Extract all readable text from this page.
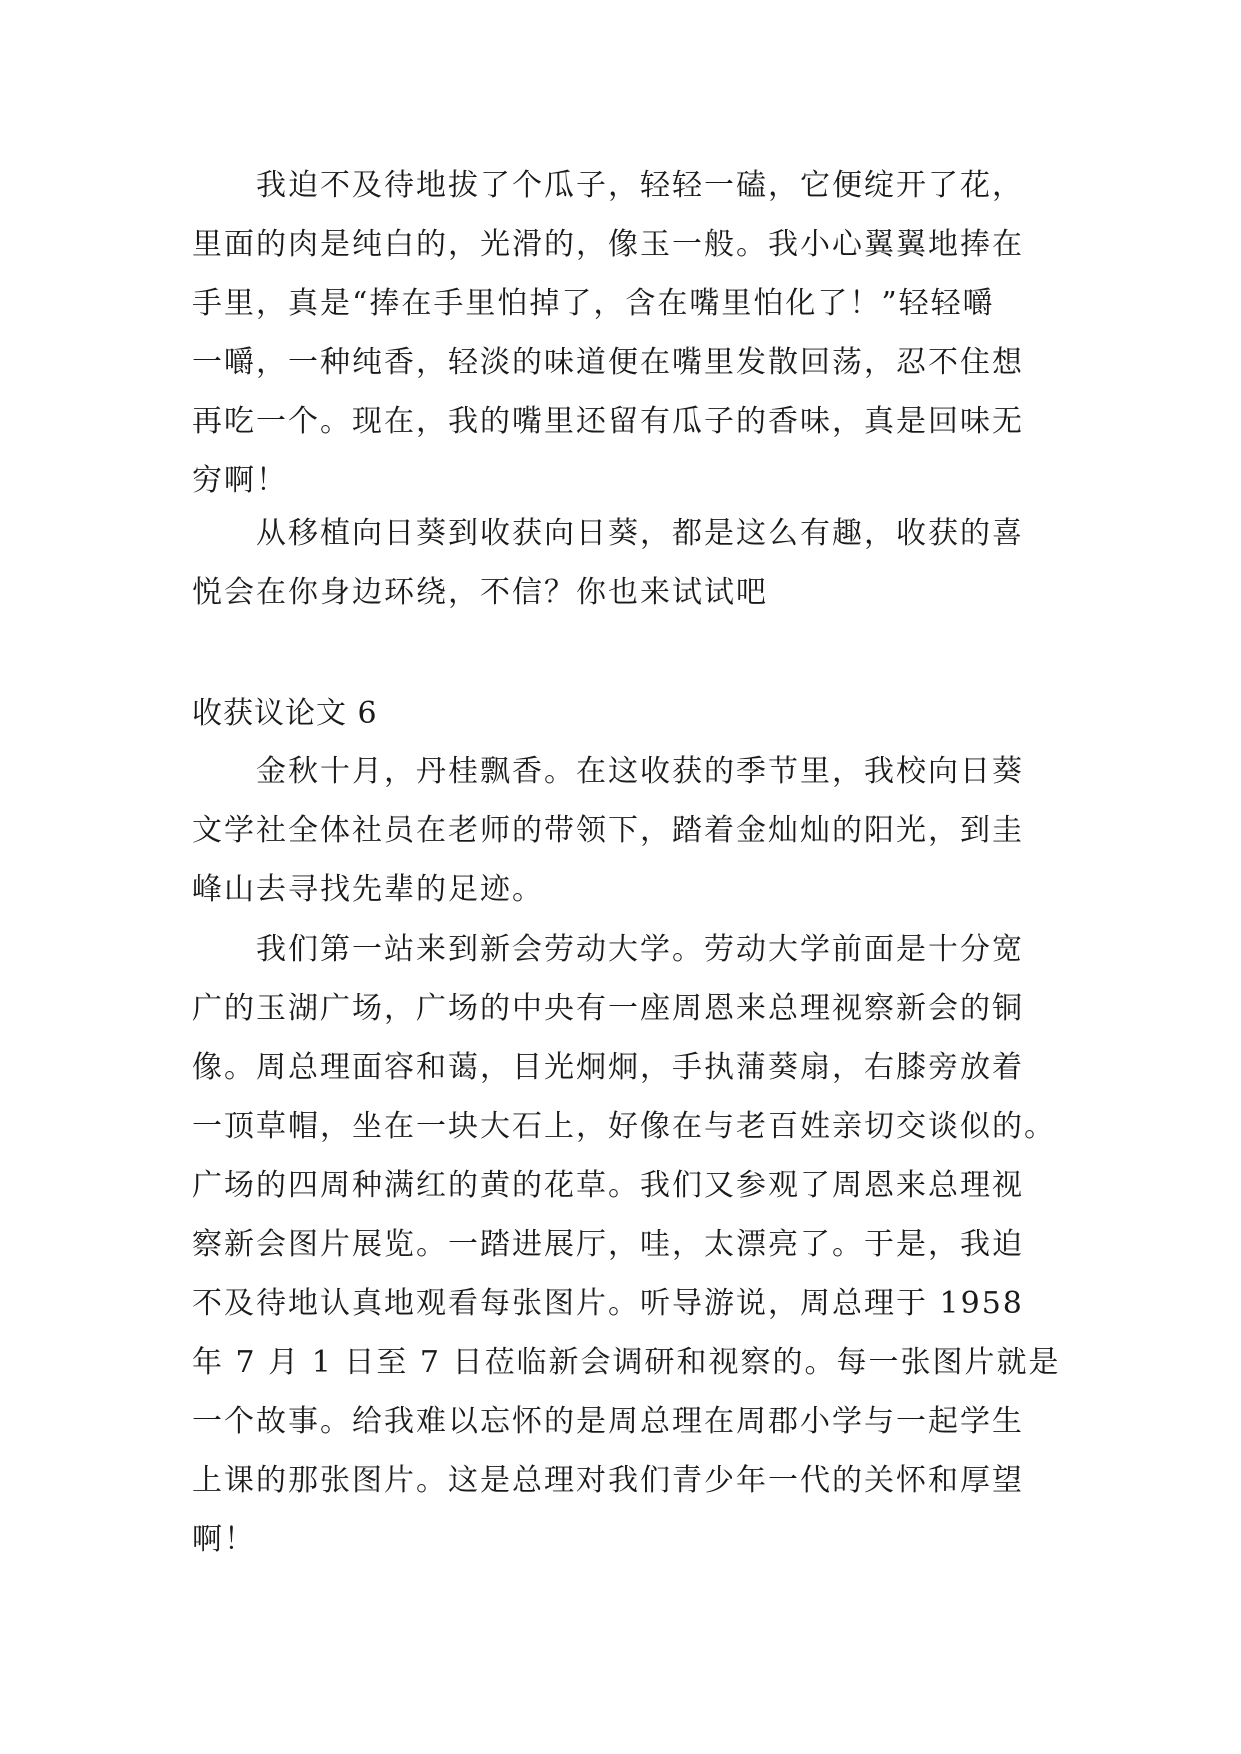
我迫不及待地拔了个瓜子，轻轻一磕，它便绽开了花，
里面的肉是纯白的，光滑的，像玉一般。我小心翼翼地捧在
手里，真是“捧在手里怕掉了，含在嘴里怕化了！”轻轻嚼
一嚼，一种纯香，轻淡的味道便在嘴里发散回荡，忍不住想
再吃一个。现在，我的嘴里还留有瓜子的香味，真是回味无
穷啊！
从移植向日葵到收获向日葵，都是这么有趣，收获的喜
悦会在你身边环绕，不信？你也来试试吧
收获议论文 6
金秋十月，丹桂飘香。在这收获的季节里，我校向日葵
文学社全体社员在老师的带领下，踏着金灿灿的阳光，到圭
峰山去寻找先辈的足迹。
我们第一站来到新会劳动大学。劳动大学前面是十分宽
广的玉湖广场，广场的中央有一座周恩来总理视察新会的铜
像。周总理面容和蔼，目光炯炯，手执蒲葵扇，右膝旁放着
一顶草帽，坐在一块大石上，好像在与老百姓亲切交谈似的。
广场的四周种满红的黄的花草。我们又参观了周恩来总理视
察新会图片展览。一踏进展厅，哇，太漂亮了。于是，我迫
不及待地认真地观看每张图片。听导游说，周总理于 1958
年 7 月 1 日至 7 日莅临新会调研和视察的。每一张图片就是
一个故事。给我难以忘怀的是周总理在周郡小学与一起学生
上课的那张图片。这是总理对我们青少年一代的关怀和厚望
啊！
